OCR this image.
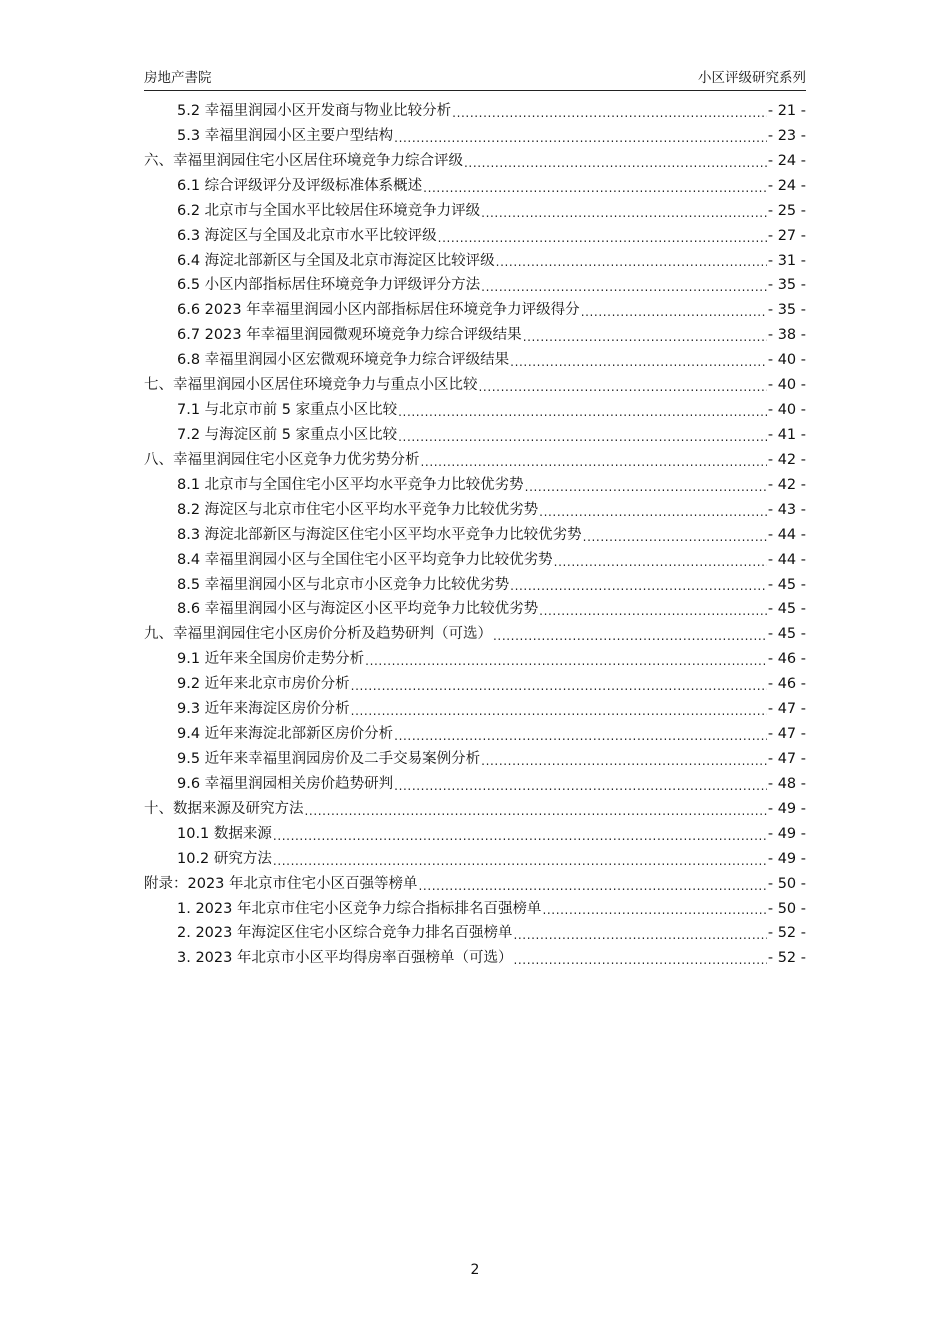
房地产書院	小区评级研究系列
5.2 幸福里润园小区开发商与物业比较分析 .....	- 21 -
5.3 幸福里润园小区主要户型结构 .....	- 23 -
六、幸福里润园住宅小区居住环境竞争力综合评级 .....	- 24 -
6.1 综合评级评分及评级标准体系概述 .....	- 24 -
6.2 北京市与全国水平比较居住环境竞争力评级 .....	- 25 -
6.3 海淀区与全国及北京市水平比较评级 .....	- 27 -
6.4 海淀北部新区与全国及北京市海淀区比较评级 .....	- 31 -
6.5 小区内部指标居住环境竞争力评级评分方法 .....	- 35 -
6.6 2023 年幸福里润园小区内部指标居住环境竞争力评级得分 .....	- 35 -
6.7 2023 年幸福里润园微观环境竞争力综合评级结果 .....	- 38 -
6.8 幸福里润园小区宏微观环境竞争力综合评级结果 .....	- 40 -
七、幸福里润园小区居住环境竞争力与重点小区比较 .....	- 40 -
7.1 与北京市前 5 家重点小区比较 .....	- 40 -
7.2 与海淀区前 5 家重点小区比较 .....	- 41 -
八、幸福里润园住宅小区竞争力优劣势分析 .....	- 42 -
8.1 北京市与全国住宅小区平均水平竞争力比较优劣势 .....	- 42 -
8.2 海淀区与北京市住宅小区平均水平竞争力比较优劣势 .....	- 43 -
8.3 海淀北部新区与海淀区住宅小区平均水平竞争力比较优劣势 .....	- 44 -
8.4 幸福里润园小区与全国住宅小区平均竞争力比较优劣势 .....	- 44 -
8.5 幸福里润园小区与北京市小区竞争力比较优劣势 .....	- 45 -
8.6 幸福里润园小区与海淀区小区平均竞争力比较优劣势 .....	- 45 -
九、幸福里润园住宅小区房价分析及趋势研判（可选） .....	- 45 -
9.1 近年来全国房价走势分析 .....	- 46 -
9.2 近年来北京市房价分析 .....	- 46 -
9.3 近年来海淀区房价分析 .....	- 47 -
9.4 近年来海淀北部新区房价分析 .....	- 47 -
9.5 近年来幸福里润园房价及二手交易案例分析 .....	- 47 -
9.6 幸福里润园相关房价趋势研判 .....	- 48 -
十、数据来源及研究方法 .....	- 49 -
10.1 数据来源 .....	- 49 -
10.2 研究方法 .....	- 49 -
附录：2023 年北京市住宅小区百强等榜单 .....	- 50 -
1. 2023 年北京市住宅小区竞争力综合指标排名百强榜单 .....	- 50 -
2. 2023 年海淀区住宅小区综合竞争力排名百强榜单 .....	- 52 -
3. 2023 年北京市小区平均得房率百强榜单（可选） .....	- 52 -
2
